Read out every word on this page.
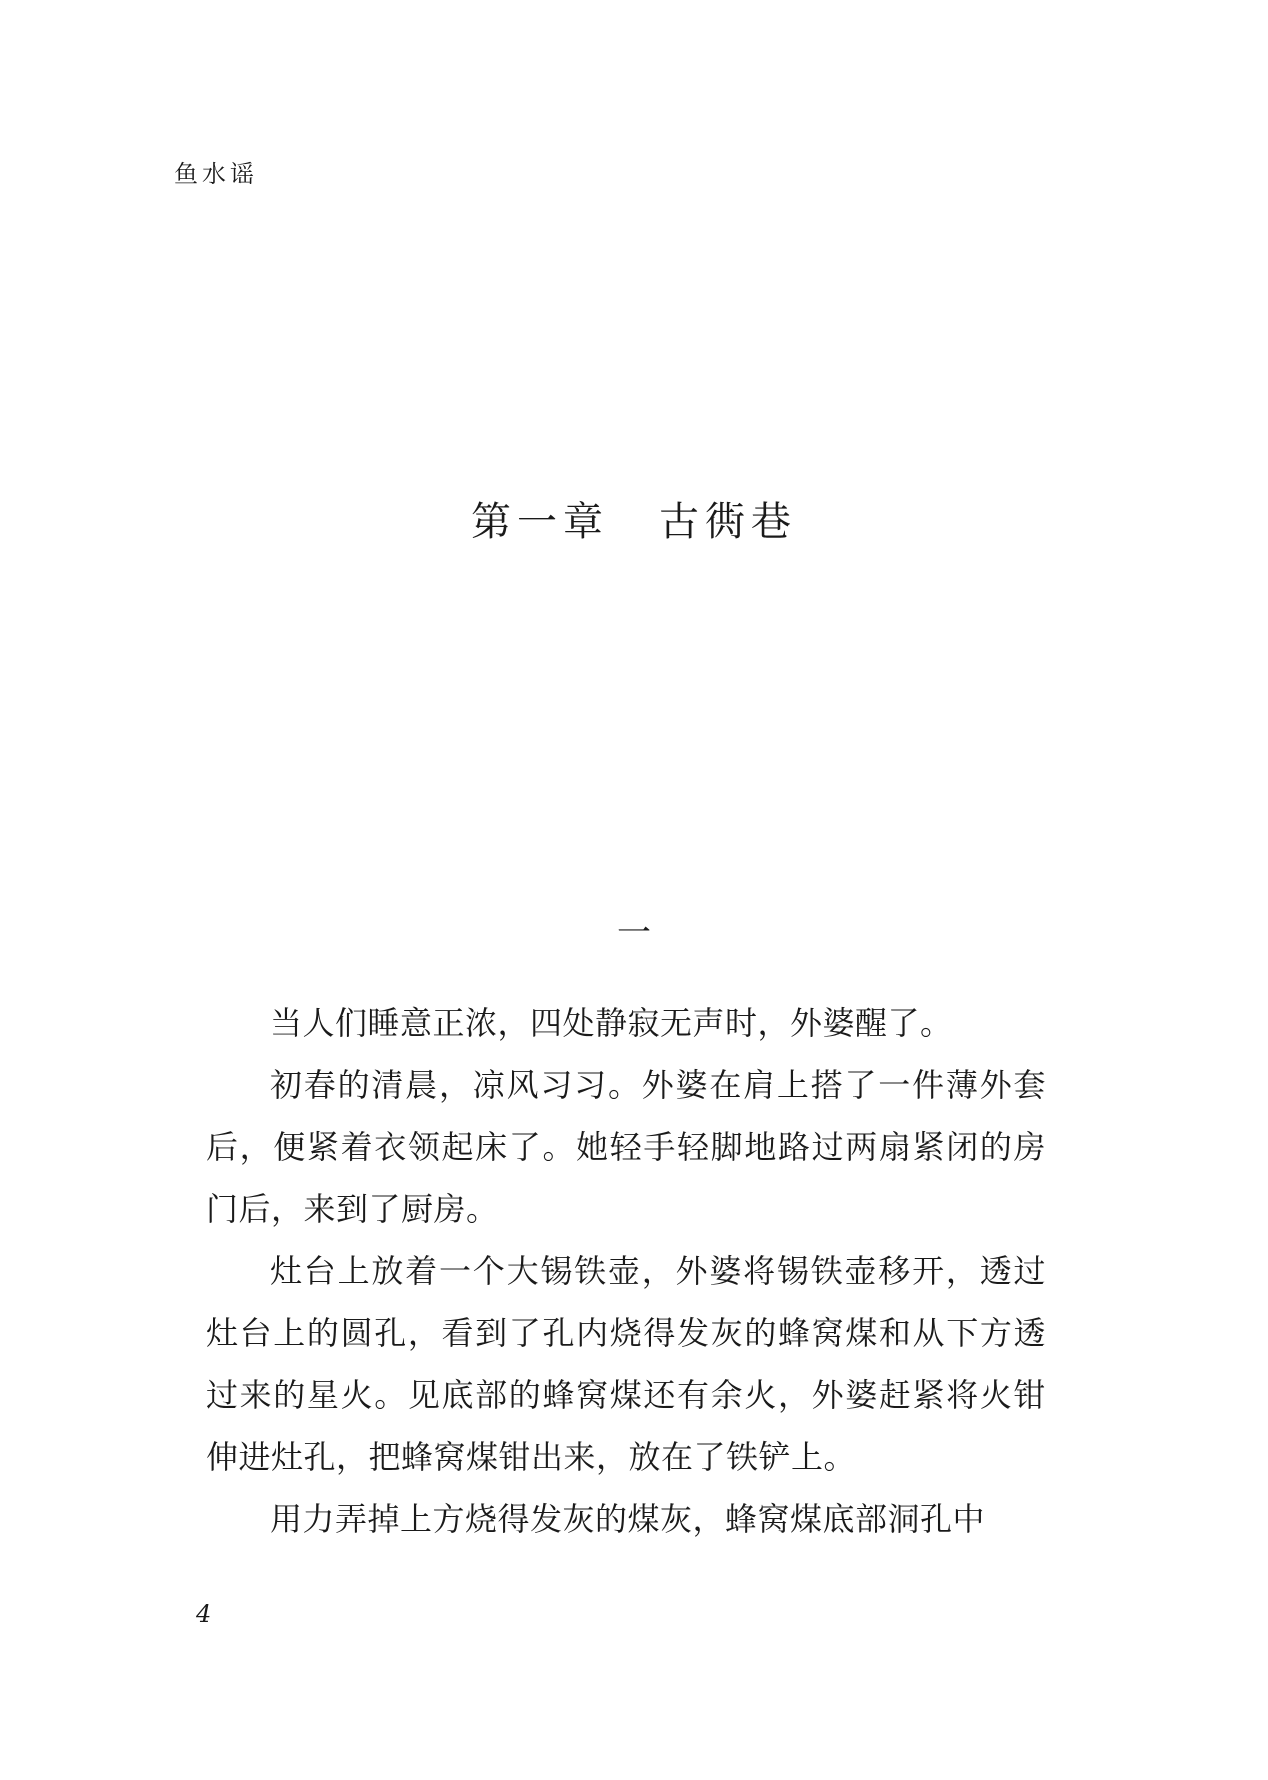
鱼水谣
第一章 古衖巷
一

当人们睡意正浓，四处静寂无声时，外婆醒了。

初春的清晨，凉风习习。外婆在肩上搭了一件薄外套后，便紧着衣领起床了。她轻手轻脚地路过两扇紧闭的房门后，来到了厨房。

灶台上放着一个大锡铁壶，外婆将锡铁壶移开，透过灶台上的圆孔，看到了孔内烧得发灰的蜂窝煤和从下方透过来的星火。见底部的蜂窝煤还有余火，外婆赶紧将火钳伸进灶孔，把蜂窝煤钳出来，放在了铁铲上。

用力弄掉上方烧得发灰的煤灰，蜂窝煤底部洞孔中

4
